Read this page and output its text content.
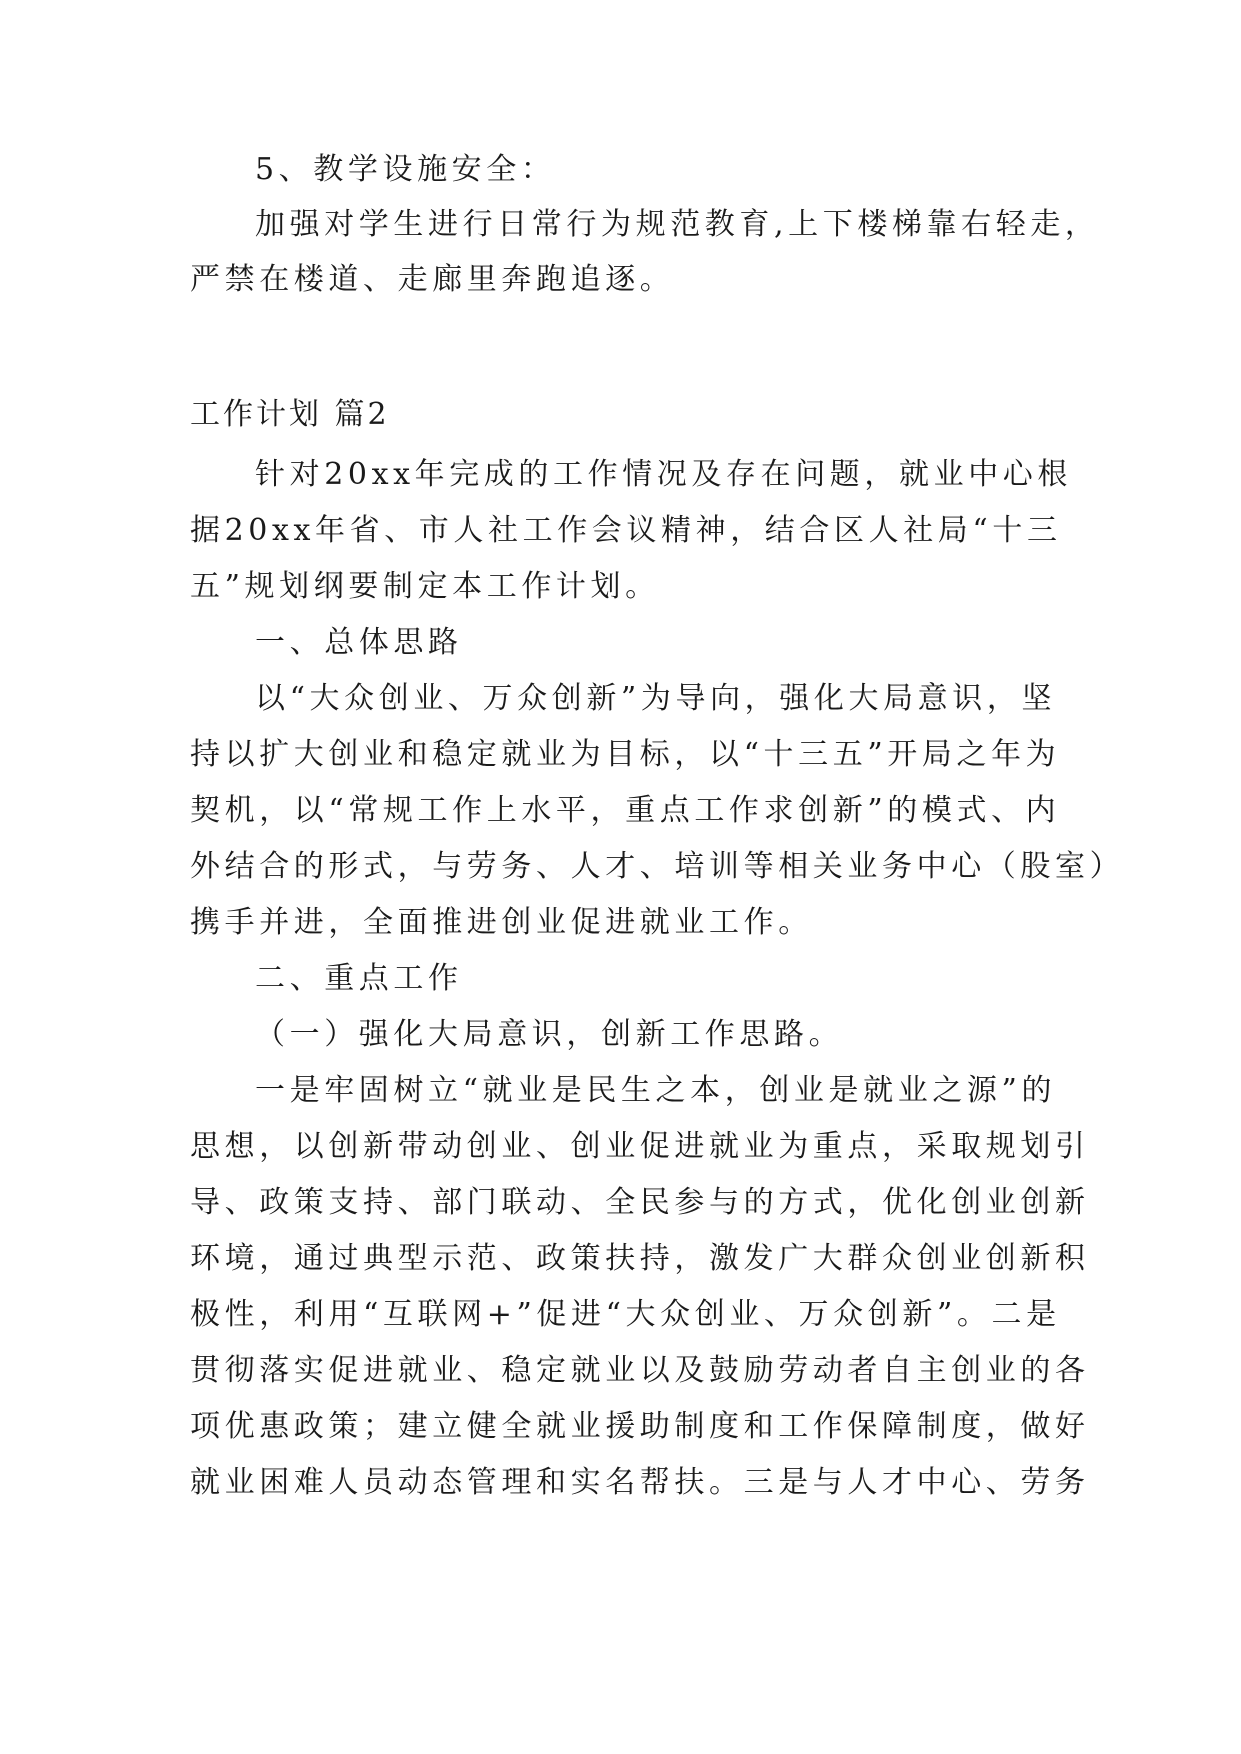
5、教学设施安全：
加强对学生进行日常行为规范教育,上下楼梯靠右轻走，
严禁在楼道、走廊里奔跑追逐。
工作计划 篇2
针对20xx年完成的工作情况及存在问题，就业中心根
据20xx年省、市人社工作会议精神，结合区人社局“十三
五”规划纲要制定本工作计划。
一、总体思路
以“大众创业、万众创新”为导向，强化大局意识，坚
持以扩大创业和稳定就业为目标，以“十三五”开局之年为
契机，以“常规工作上水平，重点工作求创新”的模式、内
外结合的形式，与劳务、人才、培训等相关业务中心（股室）
携手并进，全面推进创业促进就业工作。
二、重点工作
（一）强化大局意识，创新工作思路。
一是牢固树立“就业是民生之本，创业是就业之源”的
思想，以创新带动创业、创业促进就业为重点，采取规划引
导、政策支持、部门联动、全民参与的方式，优化创业创新
环境，通过典型示范、政策扶持，激发广大群众创业创新积
极性，利用“互联网+”促进“大众创业、万众创新”。二是
贯彻落实促进就业、稳定就业以及鼓励劳动者自主创业的各
项优惠政策；建立健全就业援助制度和工作保障制度，做好
就业困难人员动态管理和实名帮扶。三是与人才中心、劳务
